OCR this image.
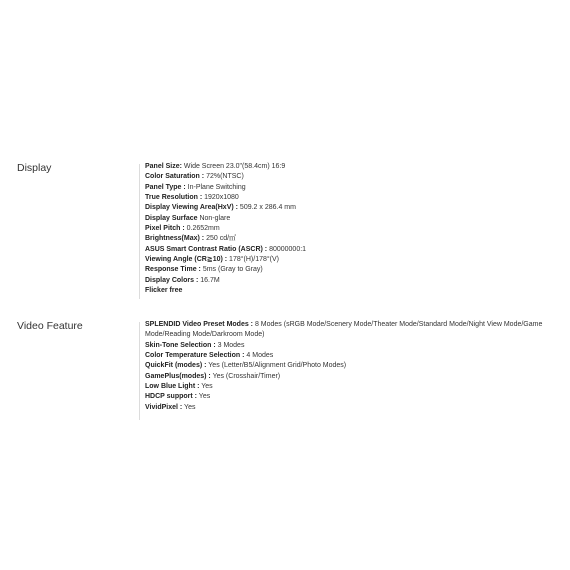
Display	Panel Size: Wide Screen 23.0"(58.4cm) 16:9
Color Saturation : 72%(NTSC)
Panel Type : In-Plane Switching
True Resolution : 1920x1080
Display Viewing Area(HxV) : 509.2 x 286.4 mm
Display Surface Non-glare
Pixel Pitch : 0.2652mm
Brightness(Max) : 250 cd/㎡
ASUS Smart Contrast Ratio (ASCR) : 80000000:1
Viewing Angle (CR≧10) : 178°(H)/178°(V)
Response Time : 5ms (Gray to Gray)
Display Colors : 16.7M
Flicker free
Video Feature	SPLENDID Video Preset Modes : 8 Modes (sRGB Mode/Scenery Mode/Theater Mode/Standard Mode/Night View Mode/Game Mode/Reading Mode/Darkroom Mode)
Skin-Tone Selection : 3 Modes
Color Temperature Selection : 4 Modes
QuickFit (modes) : Yes (Letter/B5/Alignment Grid/Photo Modes)
GamePlus(modes) : Yes (Crosshair/Timer)
Low Blue Light : Yes
HDCP support : Yes
VividPixel : Yes
